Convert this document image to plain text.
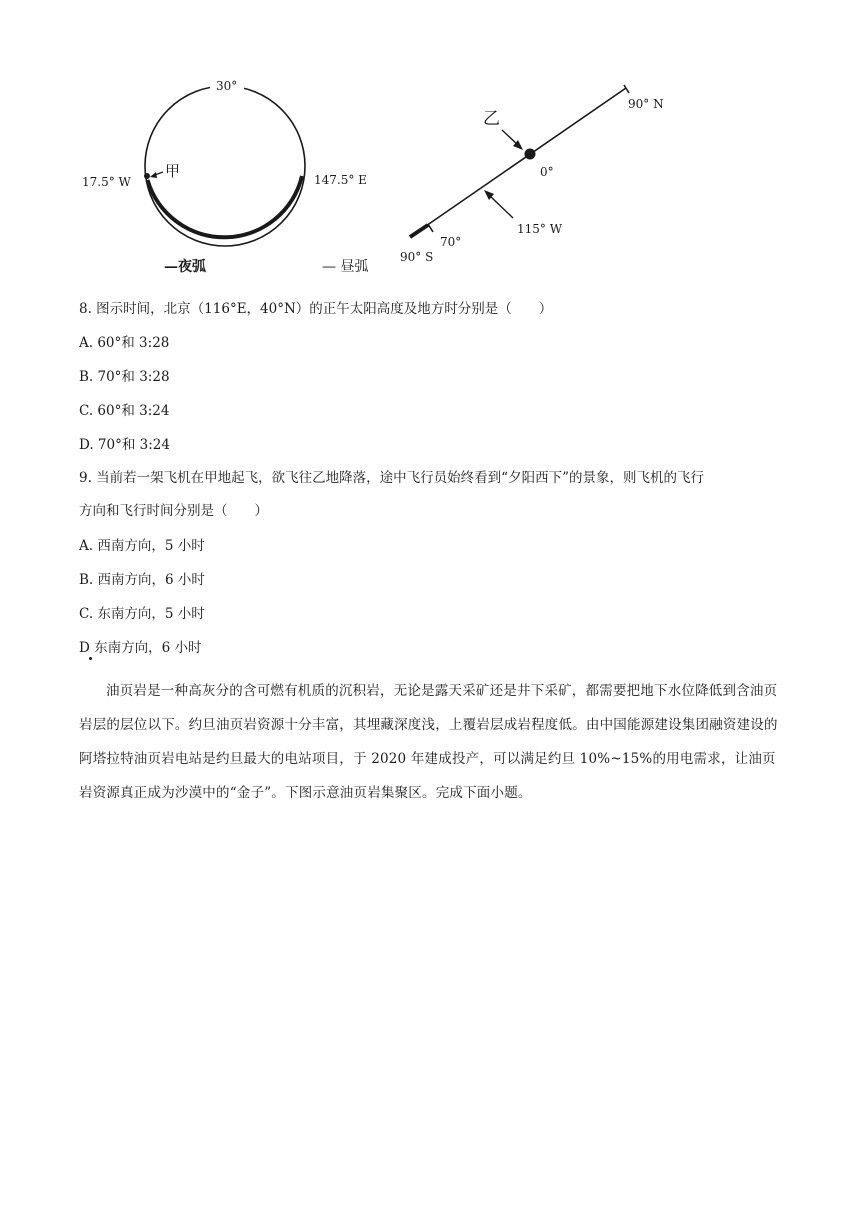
30°
17.5° W
甲	147.5° E
—夜弧	— 昼弧
90° N
70°
90° S
乙
0°
115° W
8. 图示时间，北京（116°E，40°N）的正午太阳高度及地方时分别是（　　）
A. 60°和 3:28
B. 70°和 3:28
C. 60°和 3:24
D. 70°和 3:24
9. 当前若一架飞机在甲地起飞，欲飞往乙地降落，途中飞行员始终看到“夕阳西下”的景象，则飞机的飞行
方向和飞行时间分别是（　　）
A. 西南方向，5 小时
B. 西南方向，6 小时
C. 东南方向，5 小时
D 东南方向，6 小时

油页岩是一种高灰分的含可燃有机质的沉积岩，无论是露天采矿还是井下采矿，都需要把地下水位降低到含油页岩层的层位以下。约旦油页岩资源十分丰富，其埋藏深度浅，上覆岩层成岩程度低。由中国能源建设集团融资建设的阿塔拉特油页岩电站是约旦最大的电站项目，于 2020 年建成投产，可以满足约旦 10%~15%的用电需求，让油页岩资源真正成为沙漠中的“金子”。下图示意油页岩集聚区。完成下面小题。
